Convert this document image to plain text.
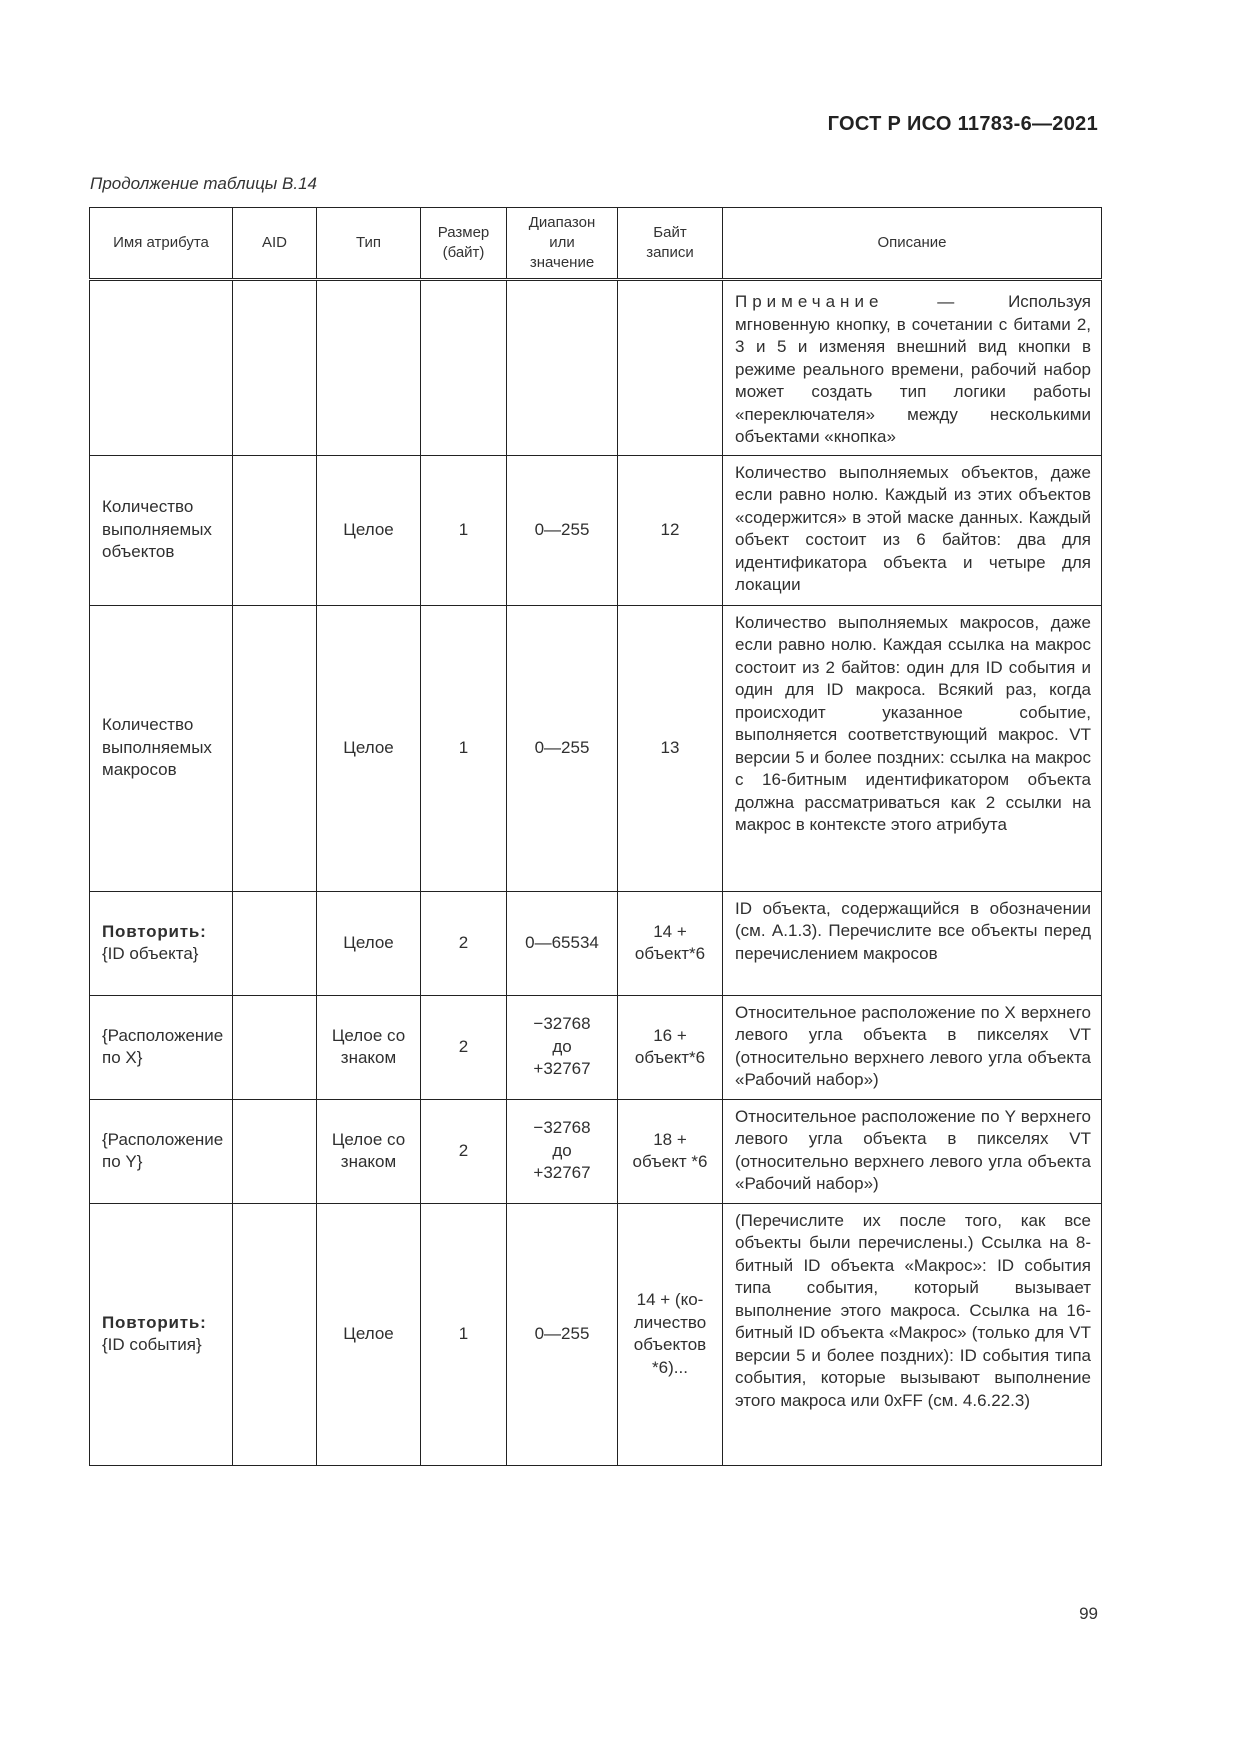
ГОСТ Р ИСО 11783-6—2021
Продолжение таблицы В.14
Имя атрибута	AID	Тип	Размер (байт)	Диапазон или значение	Байт записи	Описание

						Примечание — Используя мгновенную кнопку, в сочетании с битами 2, 3 и 5 и изменяя внешний вид кнопки в режиме реального времени, рабочий набор может создать тип логики работы «переключателя» между несколькими объектами «кнопка»
Количество выполняемых объектов		Целое	1	0—255	12	Количество выполняемых объектов, даже если равно нолю. Каждый из этих объектов «содержится» в этой маске данных. Каждый объект состоит из 6 байтов: два для идентификатора объекта и четыре для локации
Количество выполняемых макросов		Целое	1	0—255	13	Количество выполняемых макросов, даже если равно нолю. Каждая ссылка на макрос состоит из 2 байтов: один для ID события и один для ID макроса. Всякий раз, когда происходит указанное событие, выполняется соответствующий макрос. VT версии 5 и более поздних: ссылка на макрос с 16-битным идентификатором объекта должна рассматриваться как 2 ссылки на макрос в контексте этого атрибута

Повторить:
{ID объекта}		Целое	2	0—65534	14 + объект*6	ID объекта, содержащийся в обозначении (см. А.1.3). Перечислите все объекты перед перечислением макросов
{Расположение по X}		Целое со знаком	2	−32768 до +32767	16 + объект*6	Относительное расположение по X верхнего левого угла объекта в пикселях VT (относительно верхнего левого угла объекта «Рабочий набор»)
{Расположение по Y}		Целое со знаком	2	−32768 до +32767	18 + объект *6	Относительное расположение по Y верхнего левого угла объекта в пикселях VT (относительно верхнего левого угла объекта «Рабочий набор»)

Повторить:
{ID события}		Целое	1	0—255	14 + (количество объектов *6)...	(Перечислите их после того, как все объекты были перечислены.) Ссылка на 8-битный ID объекта «Макрос»: ID события типа события, который вызывает выполнение этого макроса. Ссылка на 16-битный ID объекта «Макрос» (только для VT версии 5 и более поздних): ID события типа события, которые вызывают выполнение этого макроса или 0xFF (см. 4.6.22.3)
99
